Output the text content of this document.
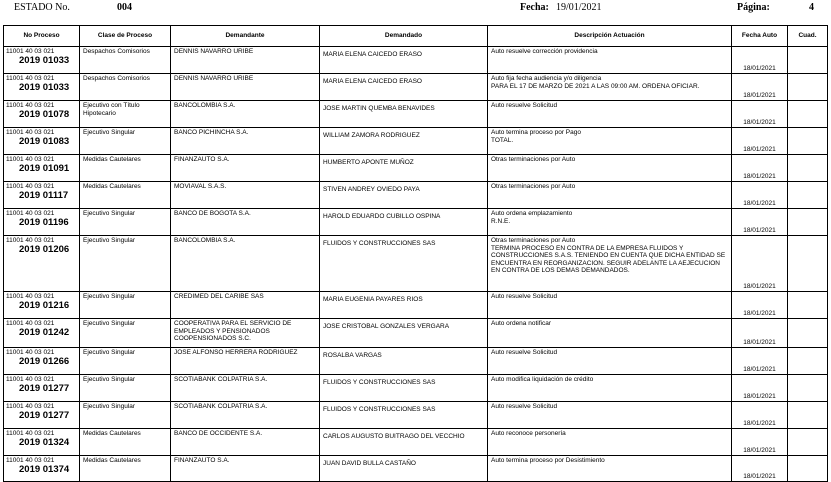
ESTADO No.	004	Fecha: 19/01/2021	Página:	4
No Proceso	Clase de Proceso	Demandante	Demandado	Descripción Actuación	Fecha Auto	Cuad.

11001 40 03 021
2019 01033	Despachos Comisorios	DENNIS NAVARRO URIBE	MARIA ELENA CAICEDO ERASO	Auto resuelve corrección providencia	18/01/2021	

11001 40 03 021
2019 01033	Despachos Comisorios	DENNIS NAVARRO URIBE	MARIA ELENA CAICEDO ERASO	Auto fija fecha audiencia y/o diligencia
PARA EL 17 DE MARZO DE 2021 A LAS 09:00 AM. ORDENA OFICIAR.	18/01/2021	

11001 40 03 021
2019 01078	Ejecutivo con Título Hipotecario	BANCOLOMBIA S.A.	JOSE MARTIN QUEMBA BENAVIDES	Auto resuelve Solicitud	18/01/2021	

11001 40 03 021
2019 01083	Ejecutivo Singular	BANCO PICHINCHA S.A.	WILLIAM ZAMORA RODRIGUEZ	Auto termina proceso por Pago
TOTAL.	18/01/2021	

11001 40 03 021
2019 01091	Medidas Cautelares	FINANZAUTO S.A.	HUMBERTO APONTE MUÑOZ	Otras terminaciones por Auto	18/01/2021	

11001 40 03 021
2019 01117	Medidas Cautelares	MOVIAVAL S.A.S.	STIVEN ANDREY OVIEDO PAYA	Otras terminaciones por Auto	18/01/2021	

11001 40 03 021
2019 01196	Ejecutivo Singular	BANCO DE BOGOTA S.A.	HAROLD EDUARDO CUBILLO OSPINA	Auto ordena emplazamiento
R.N.E.	18/01/2021	

11001 40 03 021
2019 01206	Ejecutivo Singular	BANCOLOMBIA S.A.	FLUIDOS Y CONSTRUCCIONES SAS	Otras terminaciones por Auto
TERMINA PROCESO EN CONTRA DE LA EMPRESA FLUIDOS Y CONSTRUCCIONES S.A.S. TENIENDO EN CUENTA QUE DICHA ENTIDAD SE ENCUENTRA EN REORGANIZACION. SEGUIR ADELANTE LA AEJECUCION EN CONTRA DE LOS DEMAS DEMANDADOS.	18/01/2021	

11001 40 03 021
2019 01216	Ejecutivo Singular	CREDIMED DEL CARIBE SAS	MARIA EUGENIA PAYARES RIOS	Auto resuelve Solicitud	18/01/2021	

11001 40 03 021
2019 01242	Ejecutivo Singular	COOPERATIVA PARA EL SERVICIO DE EMPLEADOS Y PENSIONADOS COOPENSIONADOS S.C.	JOSE CRISTOBAL GONZALES VERGARA	Auto ordena notificar	18/01/2021	

11001 40 03 021
2019 01266	Ejecutivo Singular	JOSE ALFONSO HERRERA RODRIGUEZ	ROSALBA VARGAS	Auto resuelve Solicitud	18/01/2021	

11001 40 03 021
2019 01277	Ejecutivo Singular	SCOTIABANK COLPATRIA S.A.	FLUIDOS Y CONSTRUCCIONES SAS	Auto modifica liquidación de crédito	18/01/2021	

11001 40 03 021
2019 01277	Ejecutivo Singular	SCOTIABANK COLPATRIA S.A.	FLUIDOS Y CONSTRUCCIONES SAS	Auto resuelve Solicitud	18/01/2021	

11001 40 03 021
2019 01324	Medidas Cautelares	BANCO DE OCCIDENTE S.A.	CARLOS AUGUSTO BUITRAGO DEL VECCHIO	Auto reconoce personería	18/01/2021	

11001 40 03 021
2019 01374	Medidas Cautelares	FINANZAUTO S.A.	JUAN DAVID BULLA CASTAÑO	Auto termina proceso por Desistimiento	18/01/2021	
